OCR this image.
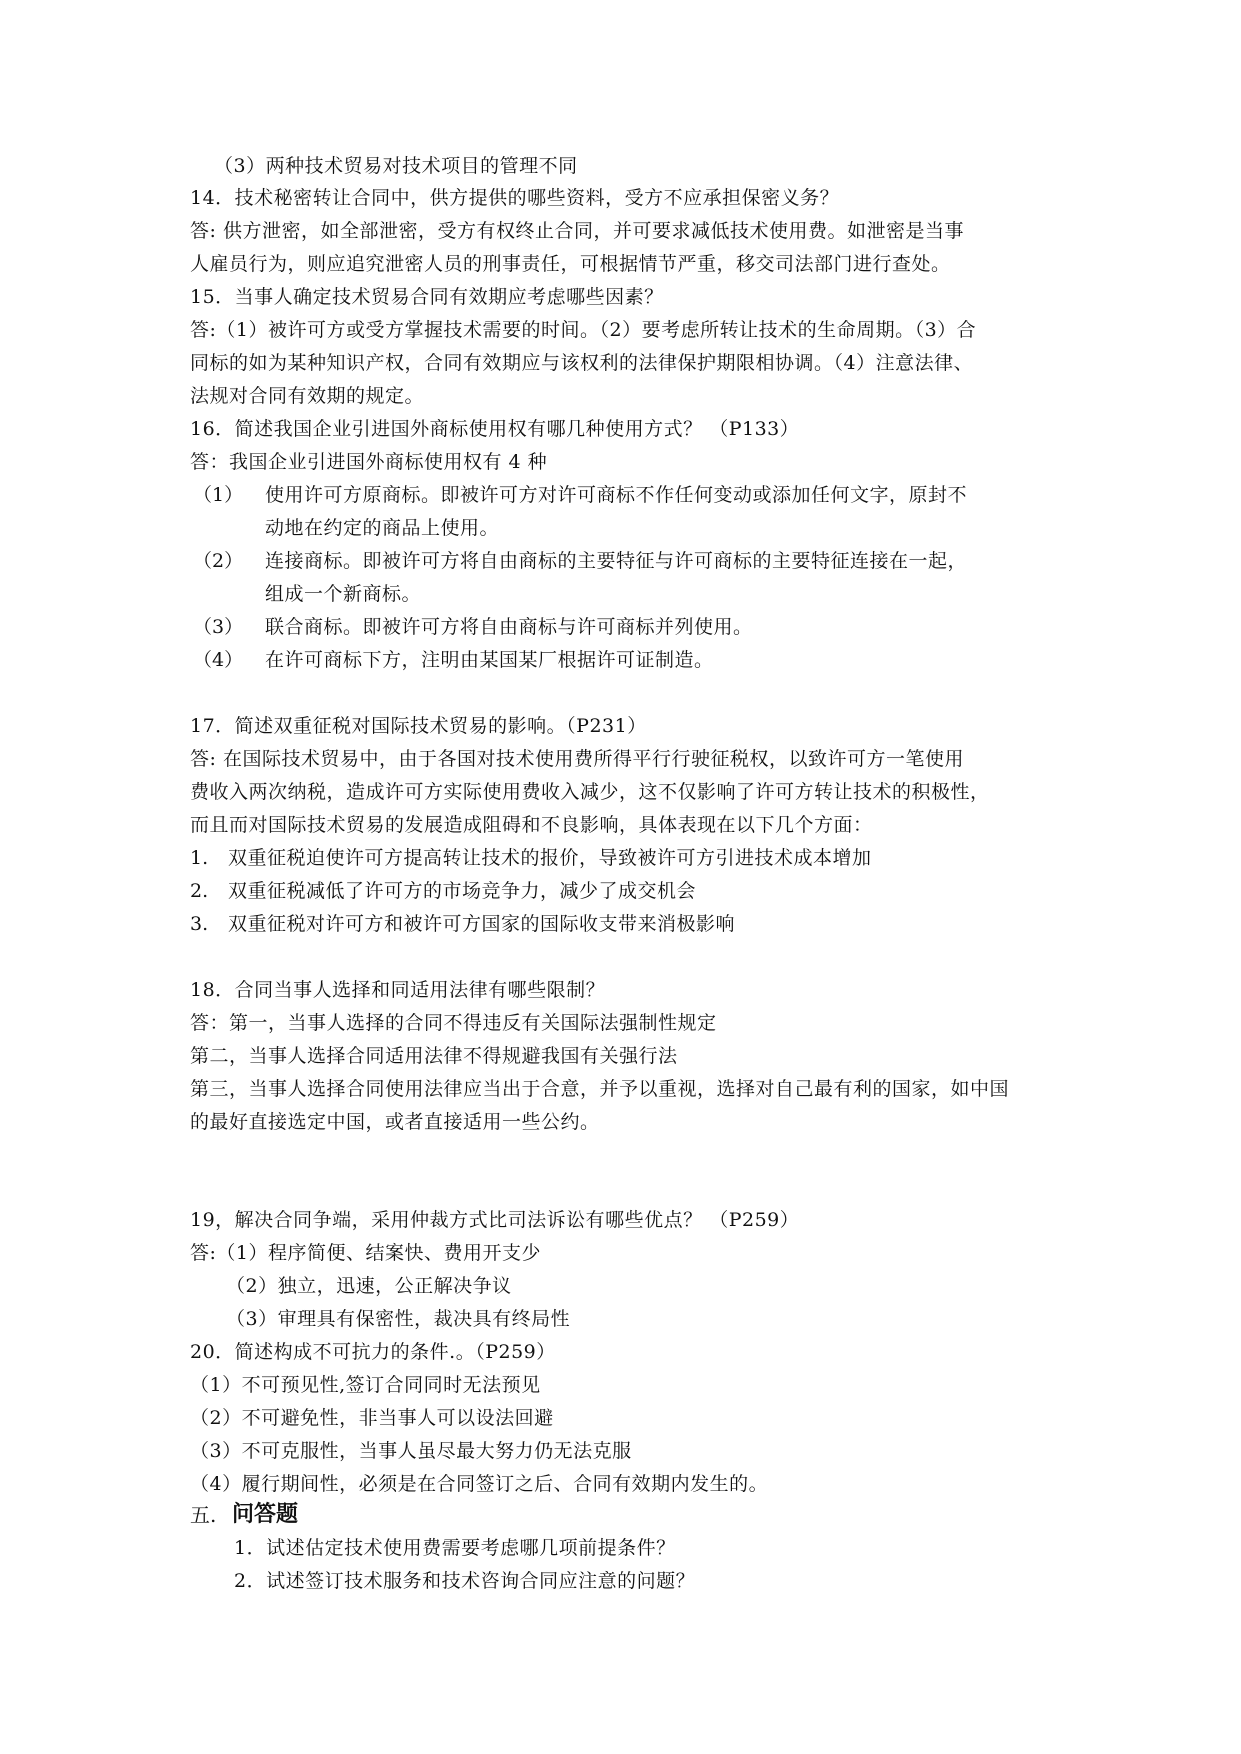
（3）两种技术贸易对技术项目的管理不同
14．技术秘密转让合同中，供方提供的哪些资料，受方不应承担保密义务？
答: 供方泄密，如全部泄密，受方有权终止合同，并可要求减低技术使用费。如泄密是当事
人雇员行为，则应追究泄密人员的刑事责任，可根据情节严重，移交司法部门进行查处。
15．当事人确定技术贸易合同有效期应考虑哪些因素？
答:（1）被许可方或受方掌握技术需要的时间。（2）要考虑所转让技术的生命周期。（3）合
同标的如为某种知识产权，合同有效期应与该权利的法律保护期限相协调。（4）注意法律、
法规对合同有效期的规定。
16．简述我国企业引进国外商标使用权有哪几种使用方式？ （P133）
答：我国企业引进国外商标使用权有 4 种
（1） 使用许可方原商标。即被许可方对许可商标不作任何变动或添加任何文字，原封不
动地在约定的商品上使用。
（2） 连接商标。即被许可方将自由商标的主要特征与许可商标的主要特征连接在一起，
组成一个新商标。
（3） 联合商标。即被许可方将自由商标与许可商标并列使用。
（4） 在许可商标下方，注明由某国某厂根据许可证制造。
17．简述双重征税对国际技术贸易的影响。（P231）
答: 在国际技术贸易中，由于各国对技术使用费所得平行行驶征税权，以致许可方一笔使用
费收入两次纳税，造成许可方实际使用费收入减少，这不仅影响了许可方转让技术的积极性，
而且而对国际技术贸易的发展造成阻碍和不良影响，具体表现在以下几个方面：
1. 双重征税迫使许可方提高转让技术的报价，导致被许可方引进技术成本增加
2. 双重征税减低了许可方的市场竞争力，减少了成交机会
3. 双重征税对许可方和被许可方国家的国际收支带来消极影响
18．合同当事人选择和同适用法律有哪些限制？
答：第一，当事人选择的合同不得违反有关国际法强制性规定
第二，当事人选择合同适用法律不得规避我国有关强行法
第三，当事人选择合同使用法律应当出于合意，并予以重视，选择对自己最有利的国家，如中国
的最好直接选定中国，或者直接适用一些公约。
19，解决合同争端，采用仲裁方式比司法诉讼有哪些优点？ （P259）
答:（1）程序简便、结案快、费用开支少
（2）独立，迅速，公正解决争议
（3）审理具有保密性，裁决具有终局性
20．简述构成不可抗力的条件.。（P259）
（1）不可预见性,签订合同同时无法预见
（2）不可避免性，非当事人可以设法回避
（3）不可克服性，当事人虽尽最大努力仍无法克服
（4）履行期间性，必须是在合同签订之后、合同有效期内发生的。
五. 问答题
1．试述估定技术使用费需要考虑哪几项前提条件？
2．试述签订技术服务和技术咨询合同应注意的问题？
